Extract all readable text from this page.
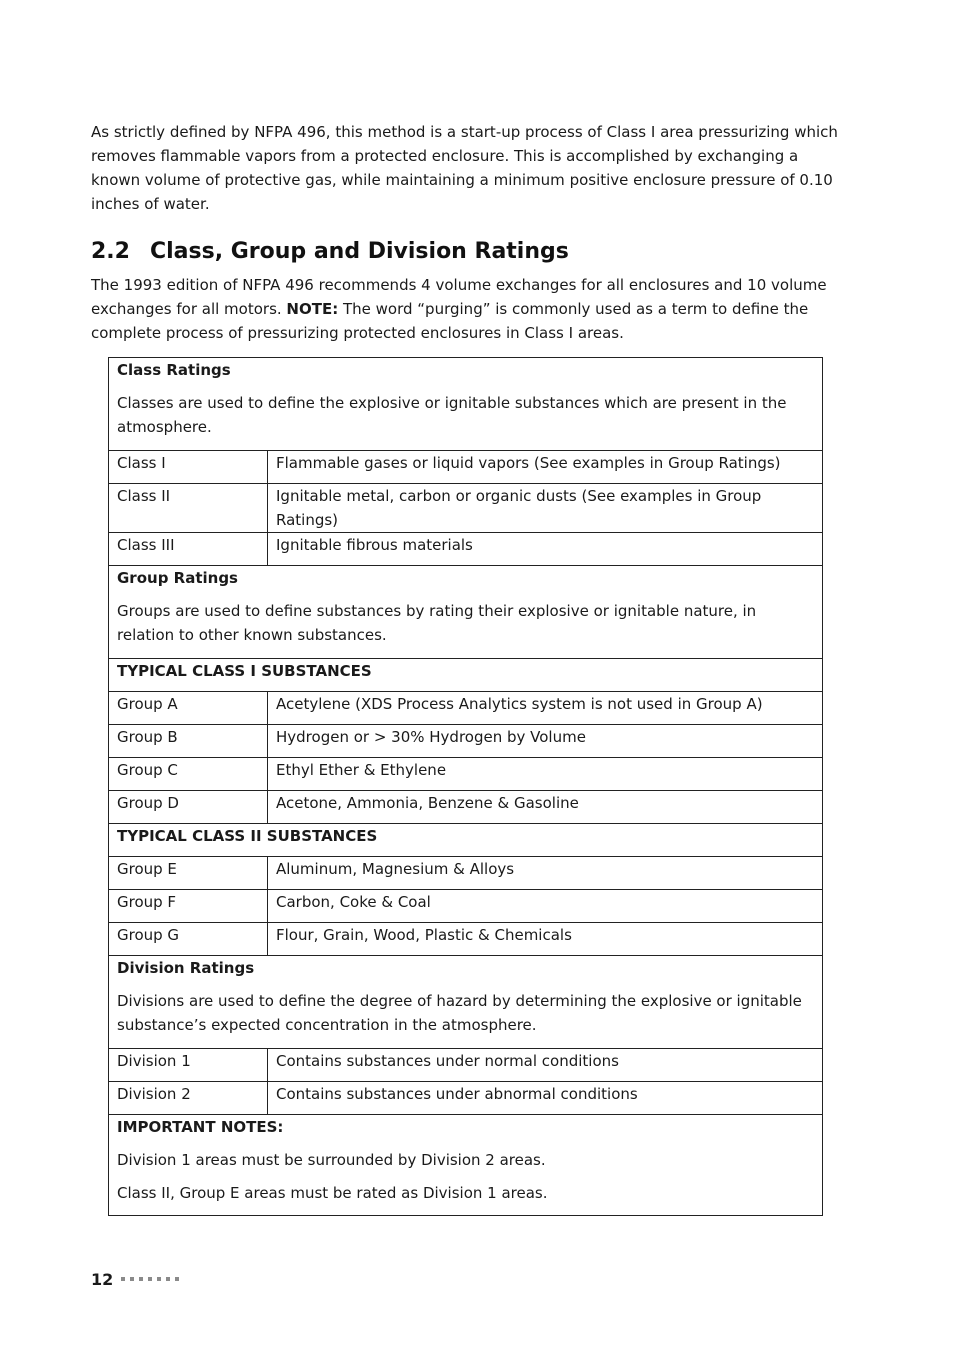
As strictly defined by NFPA 496, this method is a start-up process of Class I area pressurizing which removes flammable vapors from a protected enclosure. This is accomplished by exchanging a known volume of protective gas, while maintaining a minimum positive enclosure pressure of 0.10 inches of water.

2.2 Class, Group and Division Ratings

The 1993 edition of NFPA 496 recommends 4 volume exchanges for all enclosures and 10 volume exchanges for all motors. NOTE: The word “purging” is commonly used as a term to define the complete process of pressurizing protected enclosures in Class I areas.

Class Ratings
Classes are used to define the explosive or ignitable substances which are present in the atmosphere.	

Class I	Flammable gases or liquid vapors (See examples in Group Ratings)
Class II	Ignitable metal, carbon or organic dusts (See examples in Group Ratings)
Class III	Ignitable fibrous materials

Group Ratings
Groups are used to define substances by rating their explosive or ignitable nature, in relation to other known substances.	

TYPICAL CLASS I SUBSTANCES	
Group A	Acetylene (XDS Process Analytics system is not used in Group A)
Group B	Hydrogen or > 30% Hydrogen by Volume
Group C	Ethyl Ether & Ethylene
Group D	Acetone, Ammonia, Benzene & Gasoline
TYPICAL CLASS II SUBSTANCES	
Group E	Aluminum, Magnesium & Alloys
Group F	Carbon, Coke & Coal
Group G	Flour, Grain, Wood, Plastic & Chemicals

Division Ratings
Divisions are used to define the degree of hazard by determining the explosive or ignitable substance’s expected concentration in the atmosphere.	

Division 1	Contains substances under normal conditions
Division 2	Contains substances under abnormal conditions

IMPORTANT NOTES:
Division 1 areas must be surrounded by Division 2 areas.
Class II, Group E areas must be rated as Division 1 areas.	
12
